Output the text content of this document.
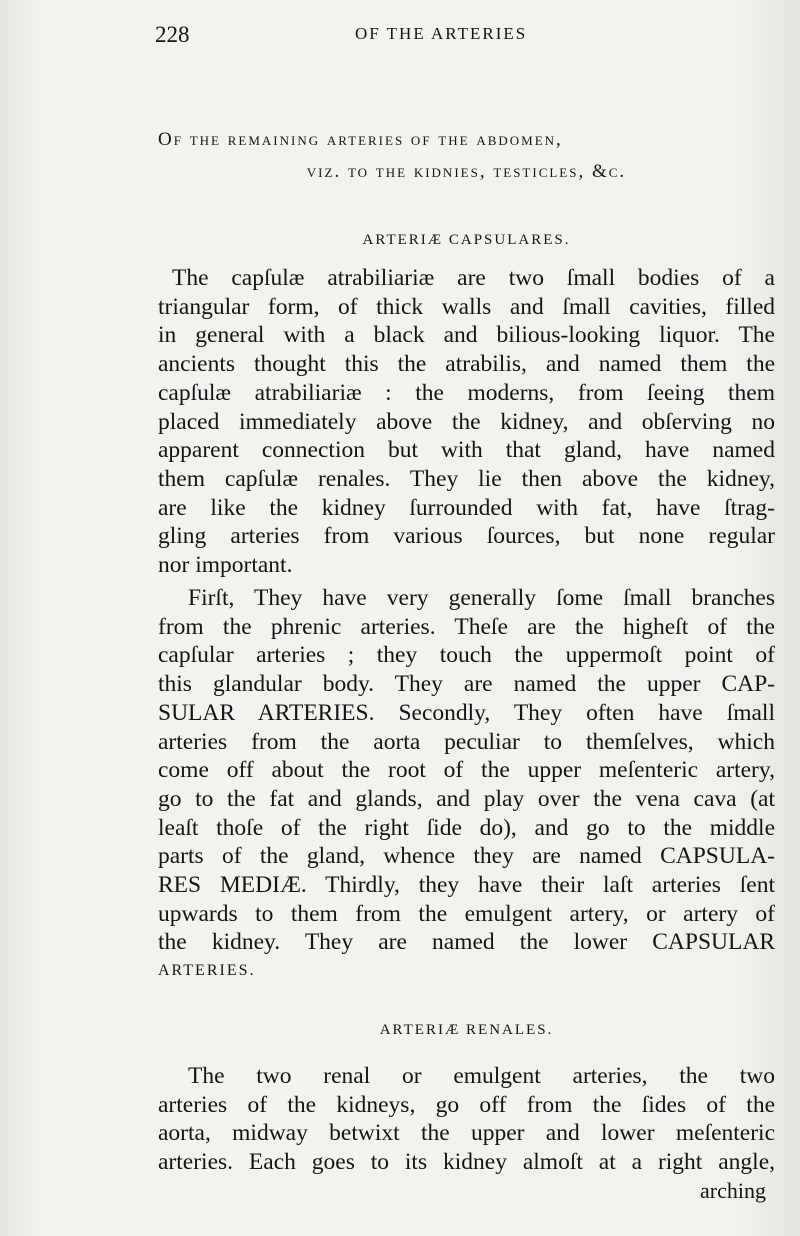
228	OF THE ARTERIES
Of the remaining arteries of the abdomen,
viz. to the kidnies, testicles, &c.
ARTERIÆ CAPSULARES.
The capſulæ atrabiliariæ are two ſmall bodies of a
triangular form, of thick walls and ſmall cavities, filled
in general with a black and bilious-looking liquor. The
ancients thought this the atrabilis, and named them the
capſulæ atrabiliariæ : the moderns, from ſeeing them
placed immediately above the kidney, and obſerving no
apparent connection but with that gland, have named
them capſulæ renales. They lie then above the kidney,
are like the kidney ſurrounded with fat, have ſtrag-
gling arteries from various ſources, but none regular
nor important.
Firſt, They have very generally ſome ſmall branches
from the phrenic arteries. Theſe are the higheſt of the
capſular arteries ; they touch the uppermoſt point of
this glandular body. They are named the upper CAP-
SULAR ARTERIES. Secondly, They often have ſmall
arteries from the aorta peculiar to themſelves, which
come off about the root of the upper meſenteric artery,
go to the fat and glands, and play over the vena cava (at
leaſt thoſe of the right ſide do), and go to the middle
parts of the gland, whence they are named CAPSULA-
RES MEDIÆ. Thirdly, they have their laſt arteries ſent
upwards to them from the emulgent artery, or artery of
the kidney. They are named the lower CAPSULAR
ARTERIES.
ARTERIÆ RENALES.
The two renal or emulgent arteries, the two
arteries of the kidneys, go off from the ſides of the
aorta, midway betwixt the upper and lower meſenteric
arteries. Each goes to its kidney almoſt at a right angle,
arching
